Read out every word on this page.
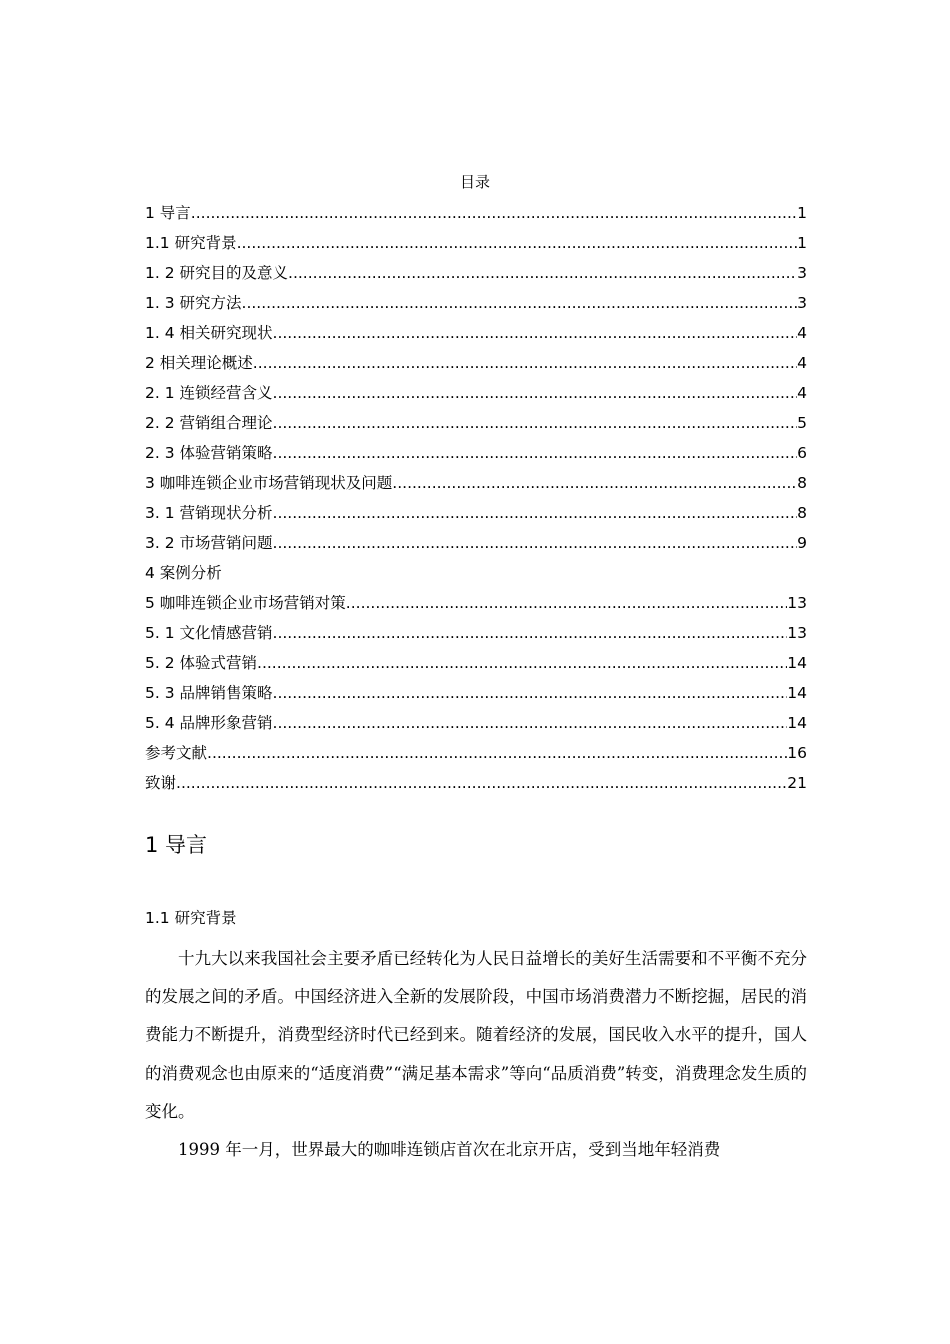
目录
1 导言 .....	1
1.1 研究背景 .....	1
1. 2 研究目的及意义 .....	3
1. 3 研究方法 .....	3
1. 4 相关研究现状 .....	4
2 相关理论概述 .....	4
2. 1 连锁经营含义 .....	4
2. 2 营销组合理论 .....	5
2. 3 体验营销策略 .....	6
3 咖啡连锁企业市场营销现状及问题 .....	8
3. 1 营销现状分析 .....	8
3. 2 市场营销问题 .....	9
4 案例分析
5 咖啡连锁企业市场营销对策 .....	13
5. 1 文化情感营销 .....	13
5. 2 体验式营销 .....	14
5. 3 品牌销售策略 .....	14
5. 4 品牌形象营销 .....	14
参考文献 .....	16
致谢 .....	21
1 导言
1.1 研究背景

十九大以来我国社会主要矛盾已经转化为人民日益增长的美好生活需要和不平衡不充分的发展之间的矛盾。中国经济进入全新的发展阶段，中国市场消费潜力不断挖掘，居民的消费能力不断提升，消费型经济时代已经到来。随着经济的发展，国民收入水平的提升，国人的消费观念也由原来的“适度消费”“满足基本需求”等向“品质消费”转变，消费理念发生质的变化。

1999 年一月，世界最大的咖啡连锁店首次在北京开店，受到当地年轻消费
